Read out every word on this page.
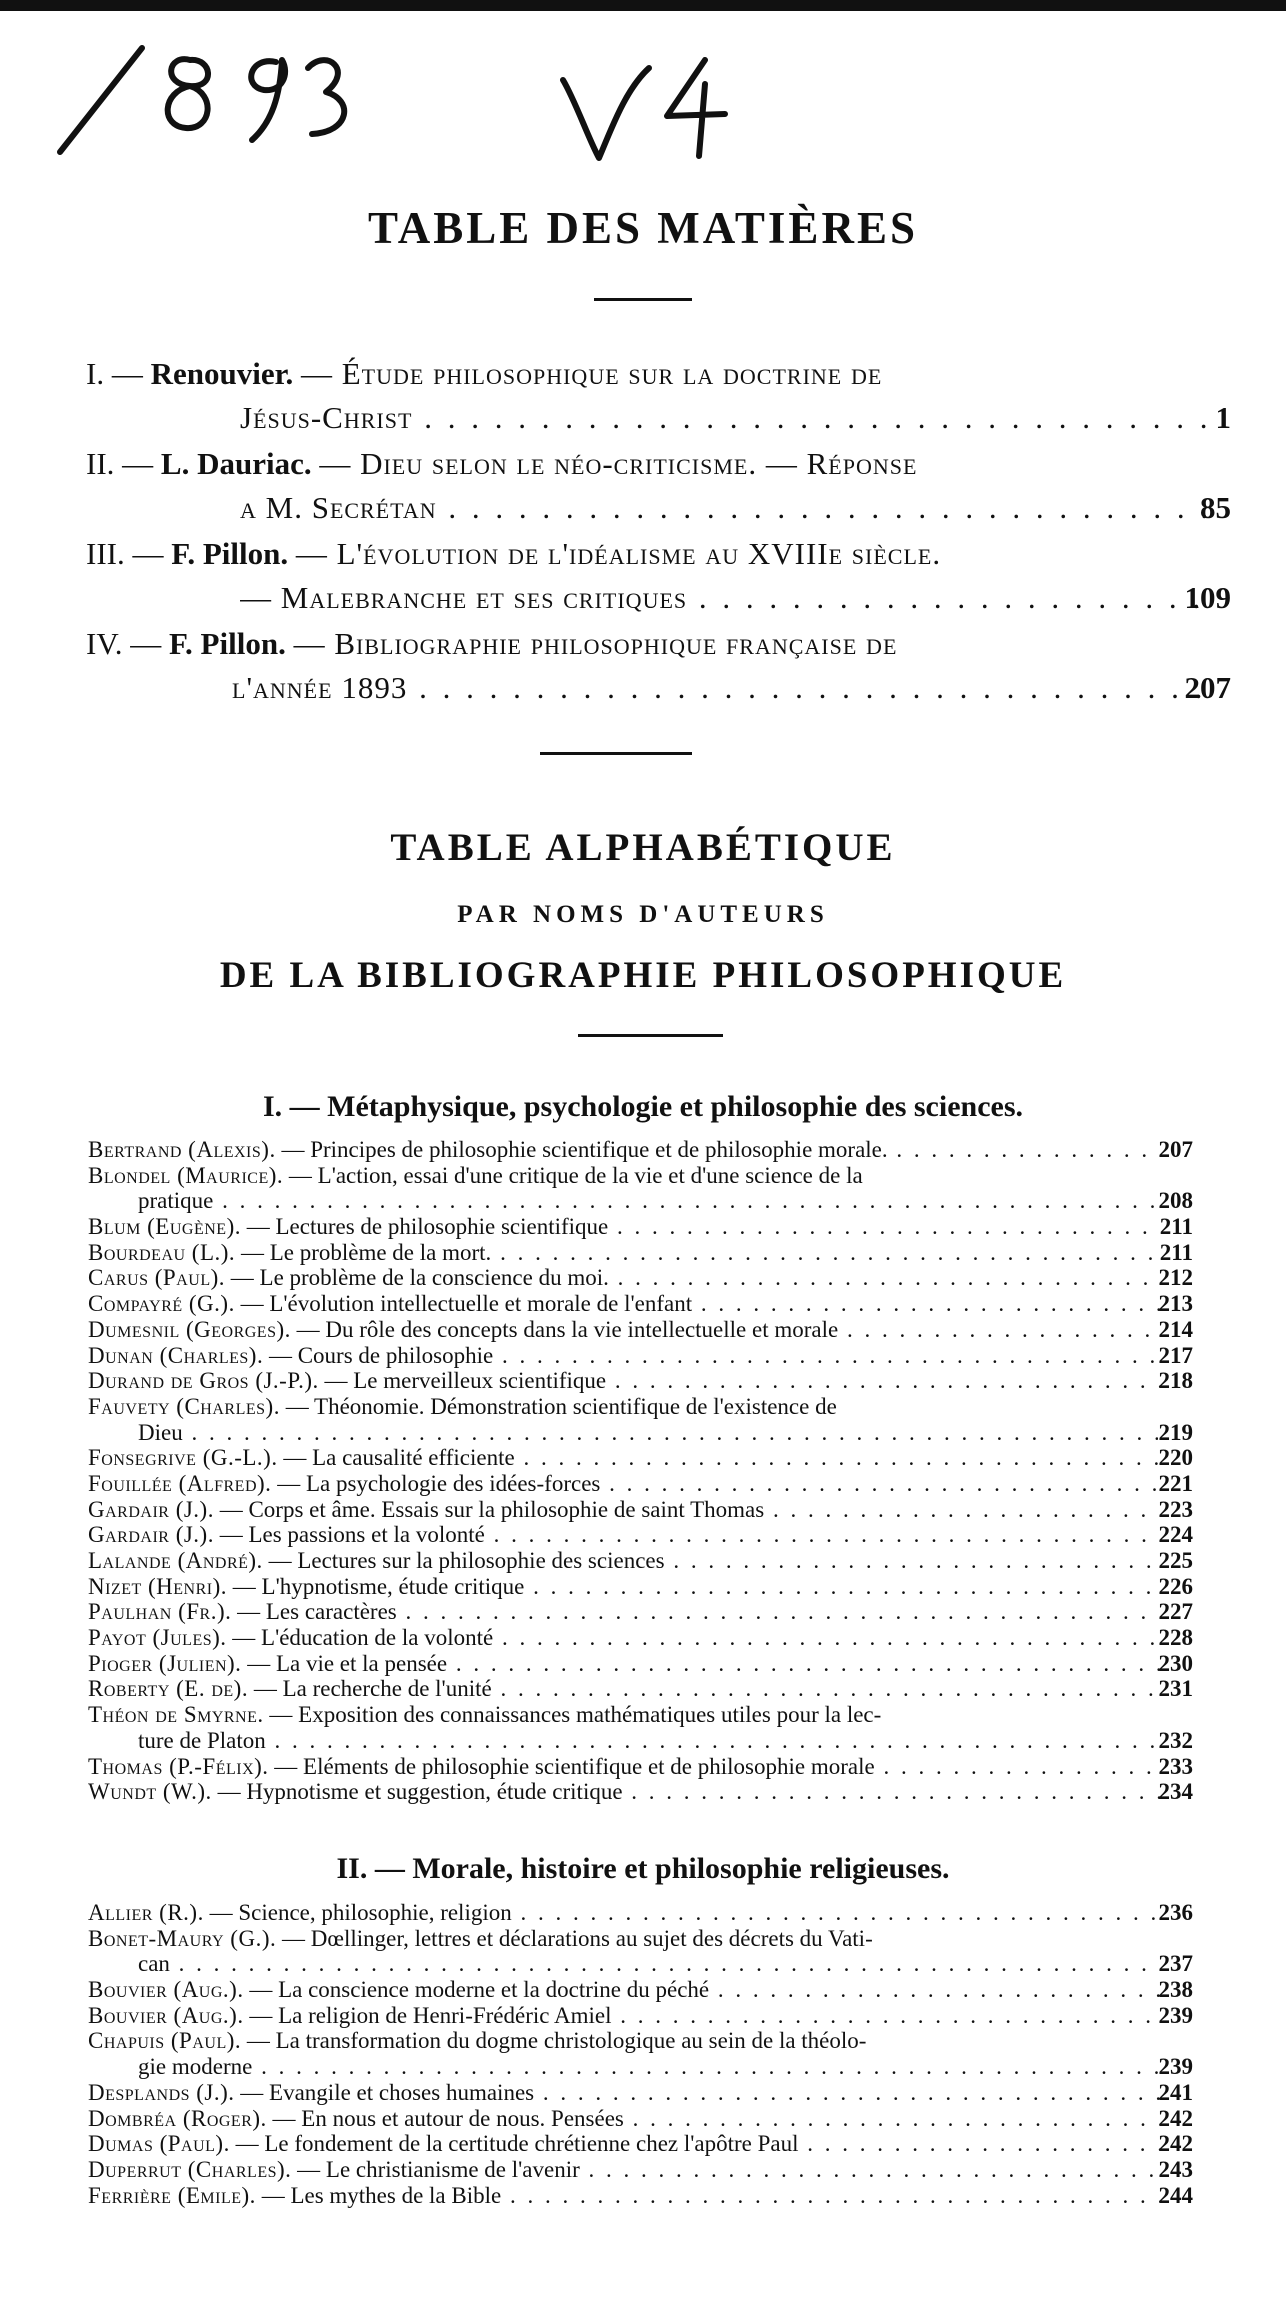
TABLE DES MATIÈRES
I. — Renouvier. — Étude philosophique sur la doctrine de
Jésus-Christ . . .	1
II. — L. Dauriac. — Dieu selon le néo-criticisme. — Réponse
a M. Secrétan . . .	85
III. — F. Pillon. — L'évolution de l'idéalisme au XVIIIe siècle.
— Malebranche et ses critiques . . .	109
IV. — F. Pillon. — Bibliographie philosophique française de
l'année 1893 . . .	207
TABLE ALPHABÉTIQUE
PAR NOMS D'AUTEURS
DE LA BIBLIOGRAPHIE PHILOSOPHIQUE
I. — Métaphysique, psychologie et philosophie des sciences.
Bertrand (Alexis). — Principes de philosophie scientifique et de philosophie morale. . . .	207
Blondel (Maurice). — L'action, essai d'une critique de la vie et d'une science de la
pratique . . .	208
Blum (Eugène). — Lectures de philosophie scientifique . . .	211
Bourdeau (L.). — Le problème de la mort. . . .	211
Carus (Paul). — Le problème de la conscience du moi. . . .	212
Compayré (G.). — L'évolution intellectuelle et morale de l'enfant . . .	213
Dumesnil (Georges). — Du rôle des concepts dans la vie intellectuelle et morale . . .	214
Dunan (Charles). — Cours de philosophie . . .	217
Durand de Gros (J.-P.). — Le merveilleux scientifique . . .	218
Fauvety (Charles). — Théonomie. Démonstration scientifique de l'existence de
Dieu . . .	219
Fonsegrive (G.-L.). — La causalité efficiente . . .	220
Fouillée (Alfred). — La psychologie des idées-forces . . .	221
Gardair (J.). — Corps et âme. Essais sur la philosophie de saint Thomas . . .	223
Gardair (J.). — Les passions et la volonté . . .	224
Lalande (André). — Lectures sur la philosophie des sciences . . .	225
Nizet (Henri). — L'hypnotisme, étude critique . . .	226
Paulhan (Fr.). — Les caractères . . .	227
Payot (Jules). — L'éducation de la volonté . . .	228
Pioger (Julien). — La vie et la pensée . . .	230
Roberty (E. de). — La recherche de l'unité . . .	231
Théon de Smyrne. — Exposition des connaissances mathématiques utiles pour la lec-
ture de Platon . . .	232
Thomas (P.-Félix). — Eléments de philosophie scientifique et de philosophie morale . . .	233
Wundt (W.). — Hypnotisme et suggestion, étude critique . . .	234
II. — Morale, histoire et philosophie religieuses.
Allier (R.). — Science, philosophie, religion . . .	236
Bonet-Maury (G.). — Dœllinger, lettres et déclarations au sujet des décrets du Vati-
can . . .	237
Bouvier (Aug.). — La conscience moderne et la doctrine du péché . . .	238
Bouvier (Aug.). — La religion de Henri-Frédéric Amiel . . .	239
Chapuis (Paul). — La transformation du dogme christologique au sein de la théolo-
gie moderne . . .	239
Desplands (J.). — Evangile et choses humaines . . .	241
Dombréa (Roger). — En nous et autour de nous. Pensées . . .	242
Dumas (Paul). — Le fondement de la certitude chrétienne chez l'apôtre Paul . . .	242
Duperrut (Charles). — Le christianisme de l'avenir . . .	243
Ferrière (Emile). — Les mythes de la Bible . . .	244
